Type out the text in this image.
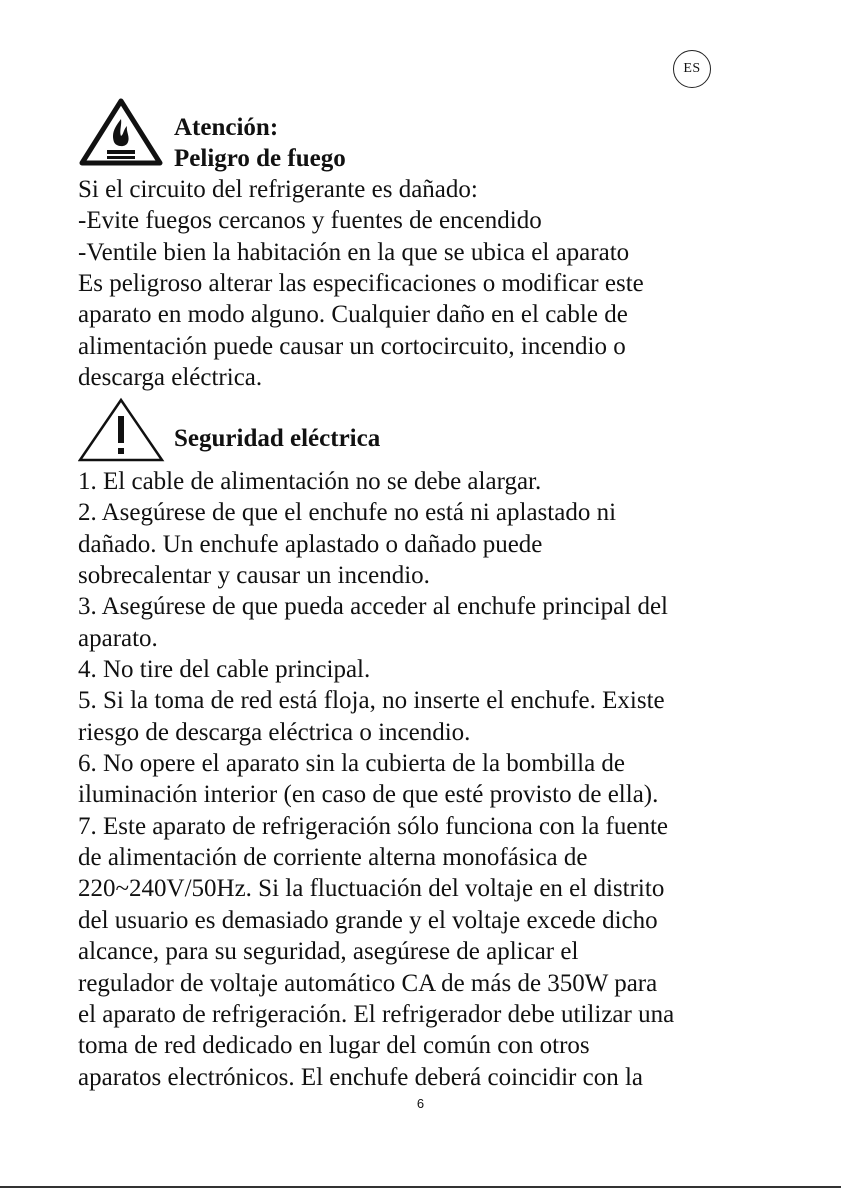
ES
Atención:
Peligro de fuego
Si el circuito del refrigerante es dañado:
-Evite fuegos cercanos y fuentes de encendido
-Ventile bien la habitación en la que se ubica el aparato
Es peligroso alterar las especificaciones o modificar este
aparato en modo alguno. Cualquier daño en el cable de
alimentación puede causar un cortocircuito, incendio o
descarga eléctrica.
Seguridad eléctrica
1. El cable de alimentación no se debe alargar.
2. Asegúrese de que el enchufe no está ni aplastado ni
dañado. Un enchufe aplastado o dañado puede
sobrecalentar y causar un incendio.
3. Asegúrese de que pueda acceder al enchufe principal del
aparato.
4. No tire del cable principal.
5. Si la toma de red está floja, no inserte el enchufe. Existe
riesgo de descarga eléctrica o incendio.
6. No opere el aparato sin la cubierta de la bombilla de
iluminación interior (en caso de que esté provisto de ella).
7. Este aparato de refrigeración sólo funciona con la fuente
de alimentación de corriente alterna monofásica de
220~240V/50Hz. Si la fluctuación del voltaje en el distrito
del usuario es demasiado grande y el voltaje excede dicho
alcance, para su seguridad, asegúrese de aplicar el
regulador de voltaje automático CA de más de 350W para
el aparato de refrigeración. El refrigerador debe utilizar una
toma de red dedicado en lugar del común con otros
aparatos electrónicos. El enchufe deberá coincidir con la
6
